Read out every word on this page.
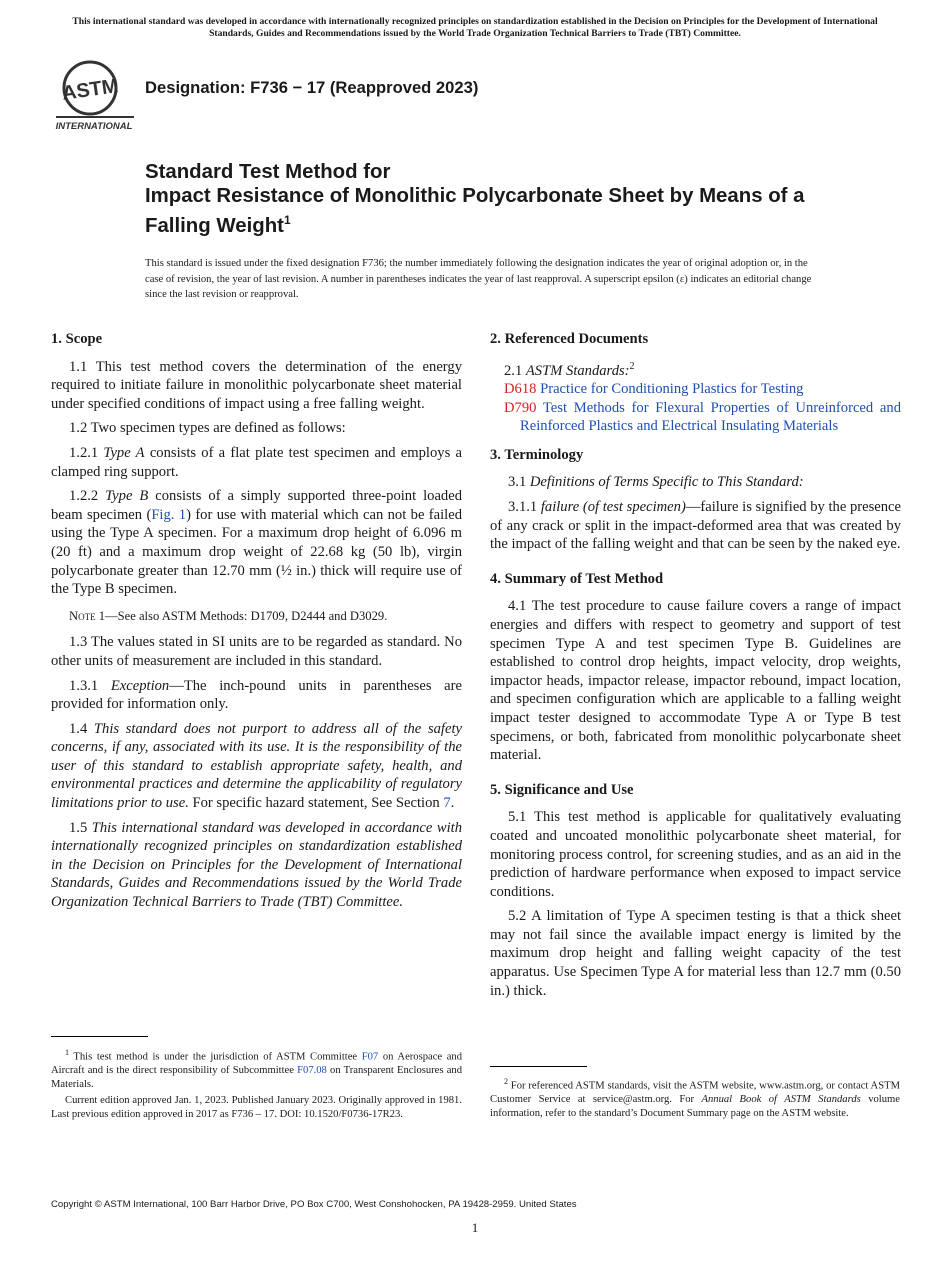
This international standard was developed in accordance with internationally recognized principles on standardization established in the Decision on Principles for the Development of International Standards, Guides and Recommendations issued by the World Trade Organization Technical Barriers to Trade (TBT) Committee.
ASTM
INTERNATIONAL
Designation: F736 − 17 (Reapproved 2023)
Standard Test Method for
Impact Resistance of Monolithic Polycarbonate Sheet by Means of a Falling Weight$^1$
This standard is issued under the fixed designation F736; the number immediately following the designation indicates the year of original adoption or, in the case of revision, the year of last revision. A number in parentheses indicates the year of last reapproval. A superscript epsilon (ε) indicates an editorial change since the last revision or reapproval.
1. Scope

1.1 This test method covers the determination of the energy required to initiate failure in monolithic polycarbonate sheet material under specified conditions of impact using a free falling weight.

1.2 Two specimen types are defined as follows:

1.2.1 Type A consists of a flat plate test specimen and employs a clamped ring support.

1.2.2 Type B consists of a simply supported three-point loaded beam specimen (Fig. 1) for use with material which can not be failed using the Type A specimen. For a maximum drop height of 6.096 m (20 ft) and a maximum drop weight of 22.68 kg (50 lb), virgin polycarbonate greater than 12.70 mm (½ in.) thick will require use of the Type B specimen.

Note 1—See also ASTM Methods: D1709, D2444 and D3029.

1.3 The values stated in SI units are to be regarded as standard. No other units of measurement are included in this standard.

1.3.1 Exception—The inch-pound units in parentheses are provided for information only.

1.4 This standard does not purport to address all of the safety concerns, if any, associated with its use. It is the responsibility of the user of this standard to establish appropriate safety, health, and environmental practices and determine the applicability of regulatory limitations prior to use. For specific hazard statement, See Section 7.

1.5 This international standard was developed in accordance with internationally recognized principles on standardization established in the Decision on Principles for the Development of International Standards, Guides and Recommendations issued by the World Trade Organization Technical Barriers to Trade (TBT) Committee.

2. Referenced Documents
2.1 ASTM Standards:$^2$

D618 Practice for Conditioning Plastics for Testing

D790 Test Methods for Flexural Properties of Unreinforced and Reinforced Plastics and Electrical Insulating Materials

3. Terminology

3.1 Definitions of Terms Specific to This Standard:

3.1.1 failure (of test specimen)—failure is signified by the presence of any crack or split in the impact-deformed area that was created by the impact of the falling weight and that can be seen by the naked eye.

4. Summary of Test Method

4.1 The test procedure to cause failure covers a range of impact energies and differs with respect to geometry and support of test specimen Type A and test specimen Type B. Guidelines are established to control drop heights, impact velocity, drop weights, impactor heads, impactor release, impactor rebound, impact location, and specimen configuration which are applicable to a falling weight impact tester designed to accommodate Type A or Type B test specimens, or both, fabricated from monolithic polycarbonate sheet material.

5. Significance and Use

5.1 This test method is applicable for qualitatively evaluating coated and uncoated monolithic polycarbonate sheet material, for monitoring process control, for screening studies, and as an aid in the prediction of hardware performance when exposed to impact service conditions.

5.2 A limitation of Type A specimen testing is that a thick sheet may not fail since the available impact energy is limited by the maximum drop height and falling weight capacity of the test apparatus. Use Specimen Type A for material less than 12.7 mm (0.50 in.) thick.

$^1$ This test method is under the jurisdiction of ASTM Committee F07 on Aerospace and Aircraft and is the direct responsibility of Subcommittee F07.08 on Transparent Enclosures and Materials.

Current edition approved Jan. 1, 2023. Published January 2023. Originally approved in 1981. Last previous edition approved in 2017 as F736 – 17. DOI: 10.1520/F0736-17R23.

$^2$ For referenced ASTM standards, visit the ASTM website, www.astm.org, or contact ASTM Customer Service at service@astm.org. For Annual Book of ASTM Standards volume information, refer to the standard’s Document Summary page on the ASTM website.

Copyright © ASTM International, 100 Barr Harbor Drive, PO Box C700, West Conshohocken, PA 19428-2959. United States
1
